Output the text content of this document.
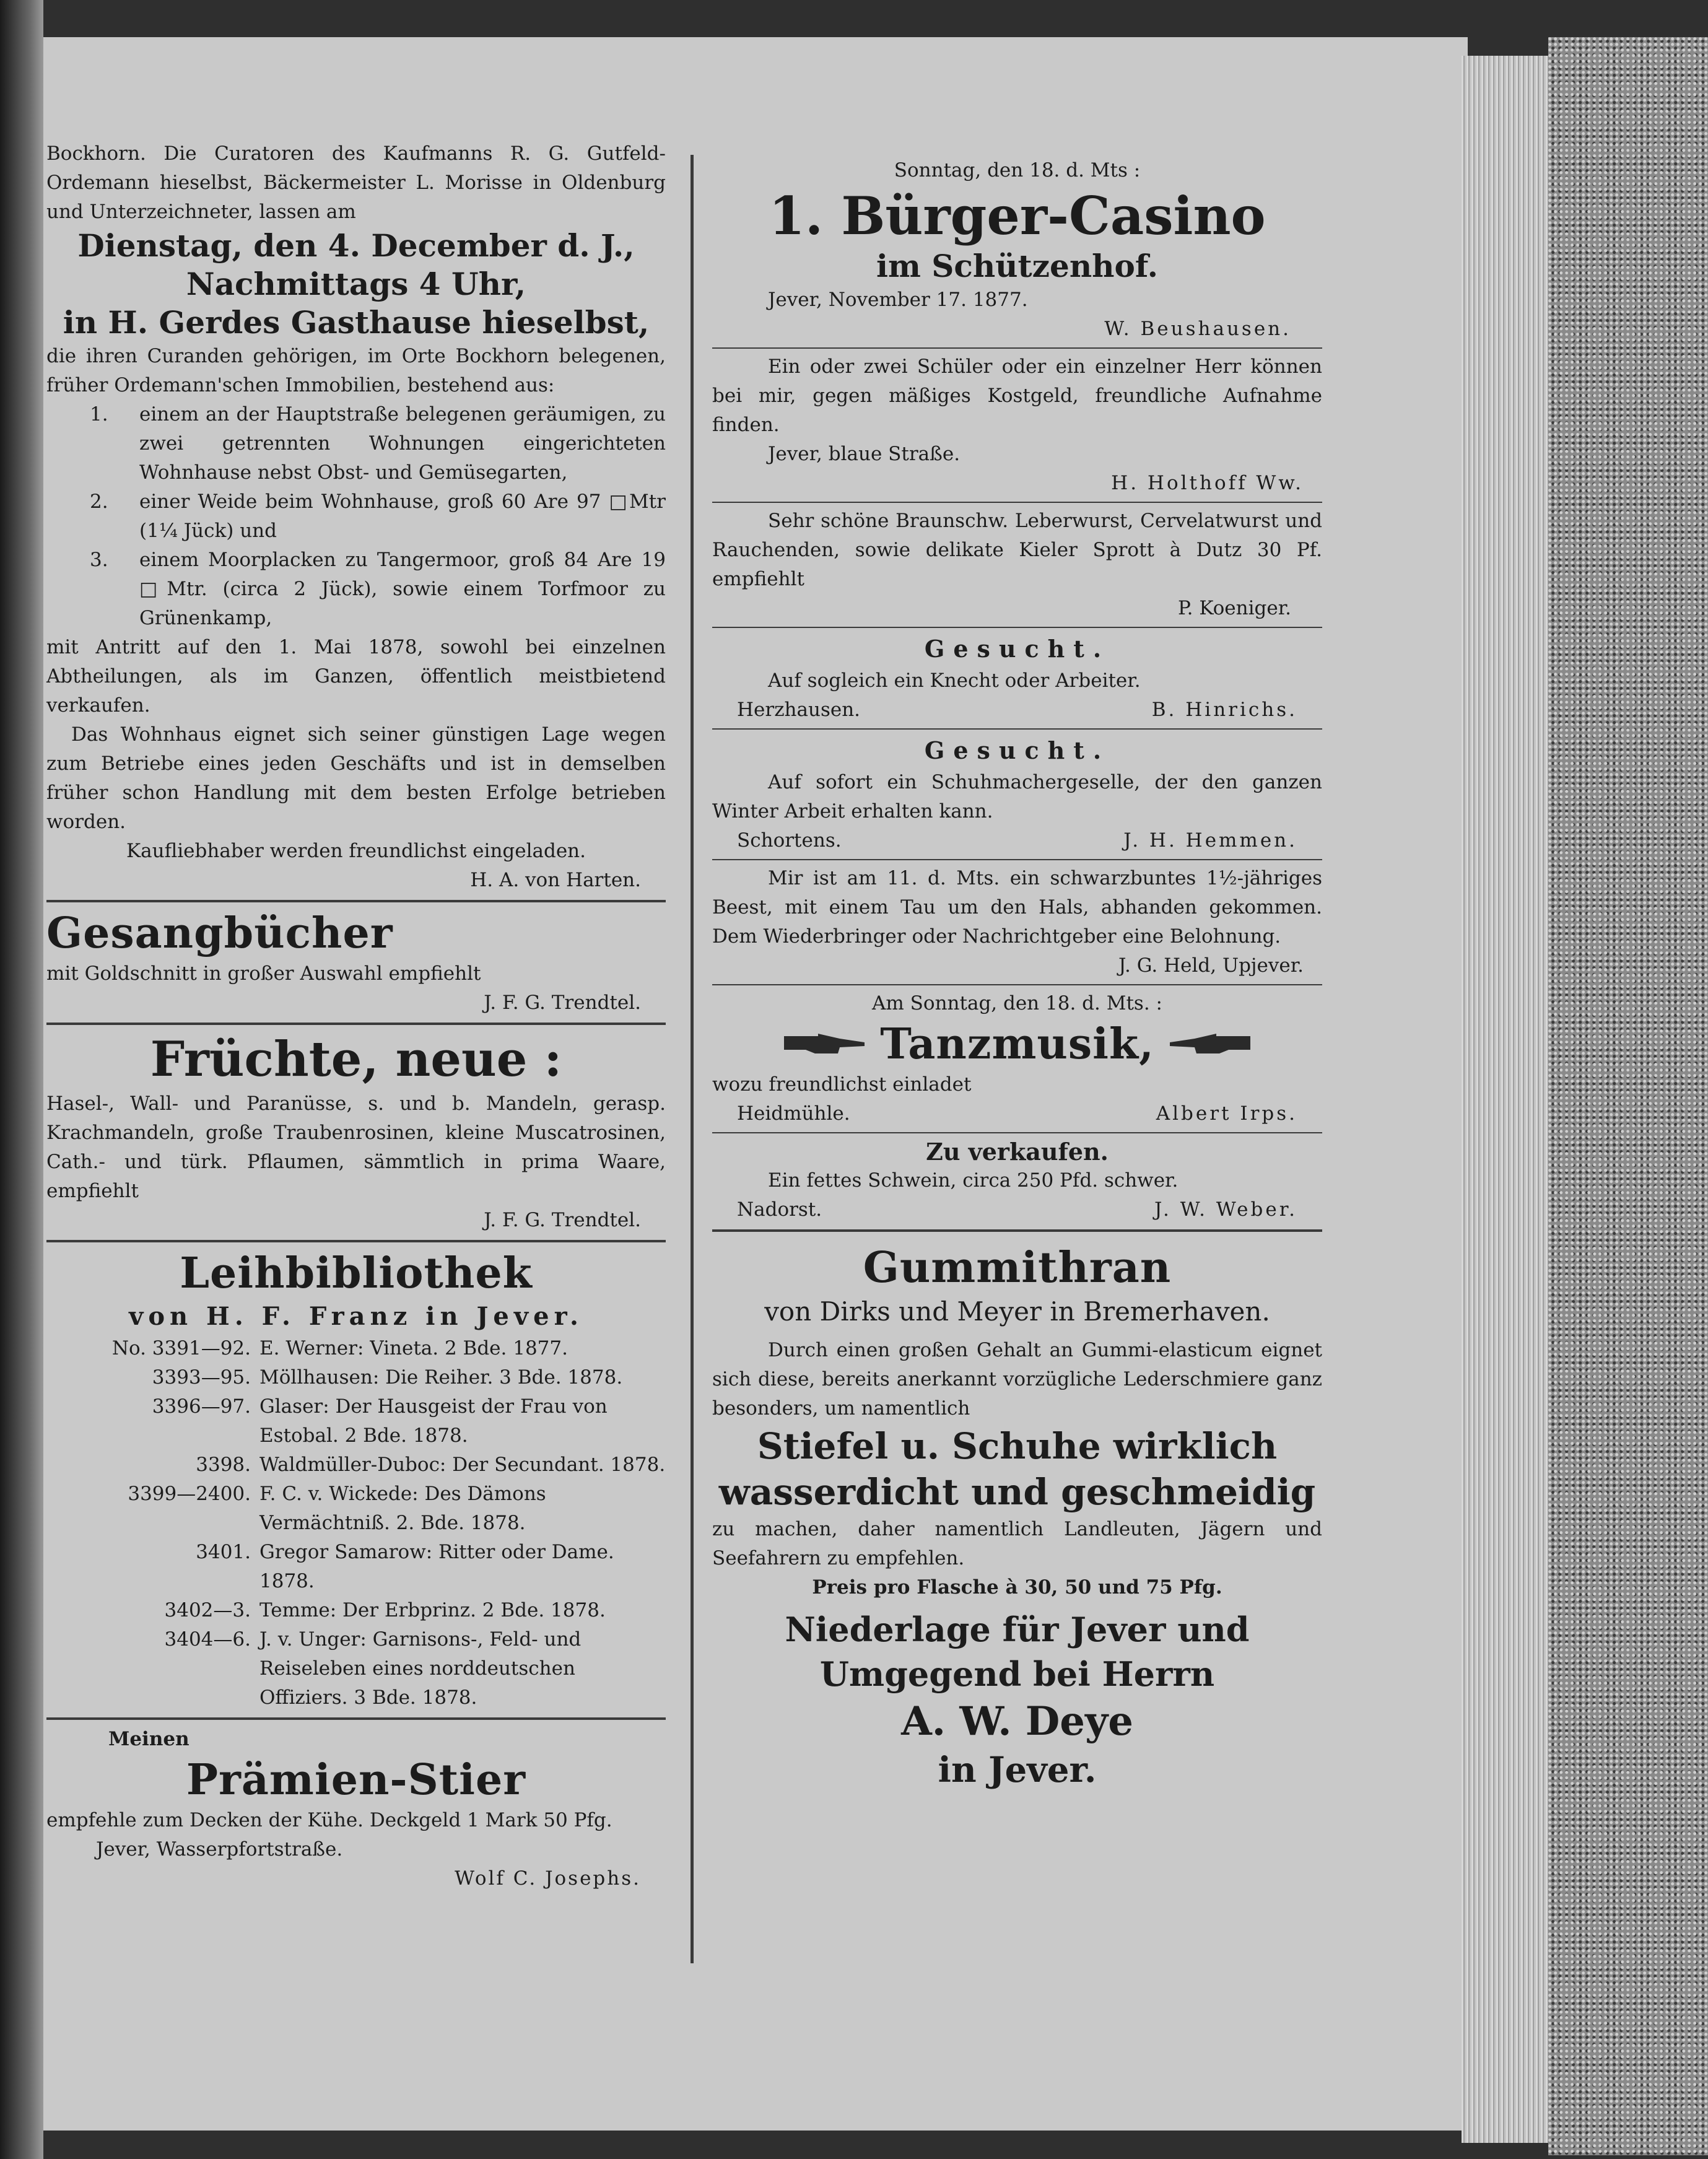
Bockhorn. Die Curatoren des Kaufmanns R. G. Gutfeld-Ordemann hieselbst, Bäckermeister L. Morisse in Oldenburg und Unterzeichneter, lassen am

Dienstag, den 4. December d. J.,

Nachmittags 4 Uhr,

in H. Gerdes Gasthause hieselbst,

die ihren Curanden gehörigen, im Orte Bockhorn belegenen, früher Ordemann'schen Immobilien, bestehend aus:

1.	einem an der Hauptstraße belegenen geräumigen, zu zwei getrennten Wohnungen eingerichteten Wohnhause nebst Obst- und Gemüsegarten,
2.	einer Weide beim Wohnhause, groß 60 Are 97 □Mtr (1¼ Jück) und
3.	einem Moorplacken zu Tangermoor, groß 84 Are 19 □Mtr. (circa 2 Jück), sowie einem Torfmoor zu Grünenkamp,

mit Antritt auf den 1. Mai 1878, sowohl bei einzelnen Abtheilungen, als im Ganzen, öffentlich meistbietend verkaufen.

Das Wohnhaus eignet sich seiner günstigen Lage wegen zum Betriebe eines jeden Geschäfts und ist in demselben früher schon Handlung mit dem besten Erfolge betrieben worden.

Kaufliebhaber werden freundlichst eingeladen.

H. A. von Harten.

Gesangbücher

mit Goldschnitt in großer Auswahl empfiehlt

J. F. G. Trendtel.

Früchte, neue :

Hasel-, Wall- und Paranüsse, s. und b. Mandeln, gerasp. Krachmandeln, große Traubenrosinen, kleine Muscatrosinen, Cath.- und türk. Pflaumen, sämmtlich in prima Waare, empfiehlt

J. F. G. Trendtel.

Leihbibliothek

von H. F. Franz in Jever.

No. 3391—92. E. Werner: Vineta. 2 Bde. 1877.
3393—95. Möllhausen: Die Reiher. 3 Bde. 1878.
3396—97. Glaser: Der Hausgeist der Frau von Estobal. 2 Bde. 1878.
3398. Waldmüller-Duboc: Der Secundant. 1878.
3399—2400. F. C. v. Wickede: Des Dämons Vermächtniß. 2. Bde. 1878.
3401. Gregor Samarow: Ritter oder Dame. 1878.
3402—3. Temme: Der Erbprinz. 2 Bde. 1878.
3404—6. J. v. Unger: Garnisons-, Feld- und Reiseleben eines norddeutschen Offiziers. 3 Bde. 1878.

Meinen

Prämien-Stier

empfehle zum Decken der Kühe. Deckgeld 1 Mark 50 Pfg.

Jever, Wasserpfortstraße.

Wolf C. Josephs.

Sonntag, den 18. d. Mts :

1. Bürger-Casino

im Schützenhof.

Jever, November 17. 1877.

W. Beushausen.

Ein oder zwei Schüler oder ein einzelner Herr können bei mir, gegen mäßiges Kostgeld, freundliche Aufnahme finden.

Jever, blaue Straße.

H. Holthoff Ww.

Sehr schöne Braunschw. Leberwurst, Cervelatwurst und Rauchenden, sowie delikate Kieler Sprott à Dutz 30 Pf. empfiehlt

P. Koeniger.

Gesucht.

Auf sogleich ein Knecht oder Arbeiter.

Herzhausen.	B. Hinrichs.

Gesucht.

Auf sofort ein Schuhmachergeselle, der den ganzen Winter Arbeit erhalten kann.

Schortens.	J. H. Hemmen.

Mir ist am 11. d. Mts. ein schwarzbuntes 1½-jähriges Beest, mit einem Tau um den Hals, abhanden gekommen. Dem Wiederbringer oder Nachrichtgeber eine Belohnung.

J. G. Held, Upjever.

Am Sonntag, den 18. d. Mts. :

Tanzmusik,

wozu freundlichst einladet

Heidmühle.	Albert Irps.

Zu verkaufen.

Ein fettes Schwein, circa 250 Pfd. schwer.

Nadorst.	J. W. Weber.

Gummithran

von Dirks und Meyer in Bremerhaven.

Durch einen großen Gehalt an Gummi-elasticum eignet sich diese, bereits anerkannt vorzügliche Lederschmiere ganz besonders, um namentlich

Stiefel u. Schuhe wirklich wasserdicht und geschmeidig

zu machen, daher namentlich Landleuten, Jägern und Seefahrern zu empfehlen.

Preis pro Flasche à 30, 50 und 75 Pfg.

Niederlage für Jever und Umgegend bei Herrn

A. W. Deye

in Jever.
